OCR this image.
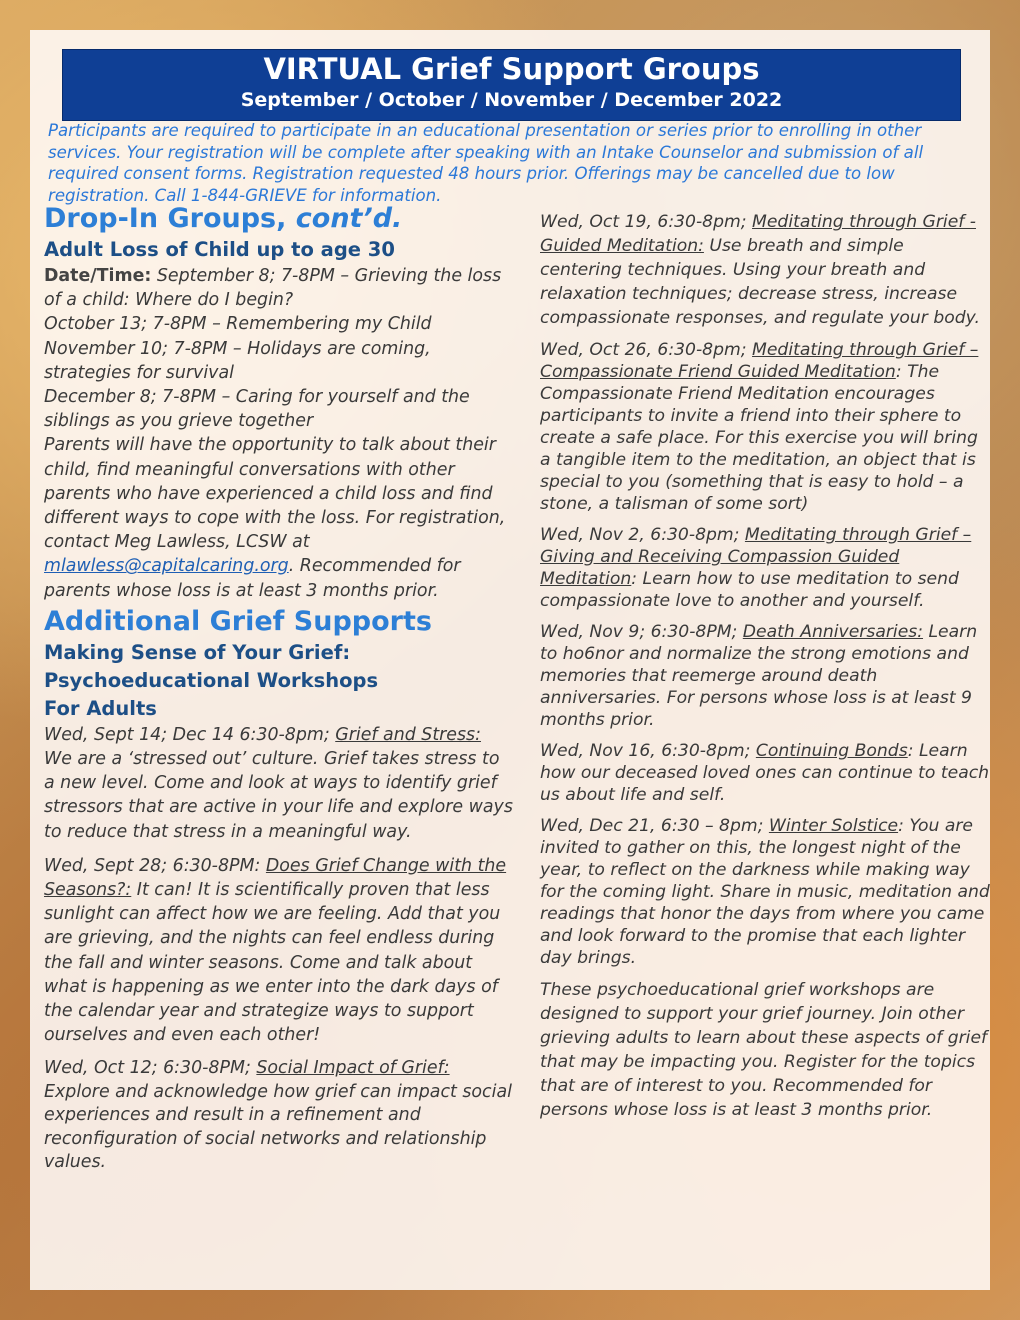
VIRTUAL Grief Support Groups
September / October / November / December 2022
Participants are required to participate in an educational presentation or series prior to enrolling in other services. Your registration will be complete after speaking with an Intake Counselor and submission of all required consent forms. Registration requested 48 hours prior. Offerings may be cancelled due to low registration. Call 1-844-GRIEVE for information.
Drop-In Groups, cont’d.
Adult Loss of Child up to age 30
Date/Time: September 8; 7-8PM – Grieving the loss of a child: Where do I begin?
October 13; 7-8PM – Remembering my Child
November 10; 7-8PM – Holidays are coming, strategies for survival
December 8; 7-8PM – Caring for yourself and the siblings as you grieve together
Parents will have the opportunity to talk about their child, find meaningful conversations with other parents who have experienced a child loss and find different ways to cope with the loss. For registration, contact Meg Lawless, LCSW at mlawless@capitalcaring.org. Recommended for parents whose loss is at least 3 months prior.
Additional Grief Supports
Making Sense of Your Grief:
Psychoeducational Workshops
For Adults
Wed, Sept 14; Dec 14 6:30-8pm; Grief and Stress: We are a ‘stressed out’ culture. Grief takes stress to a new level. Come and look at ways to identify grief stressors that are active in your life and explore ways to reduce that stress in a meaningful way.
Wed, Sept 28; 6:30-8PM: Does Grief Change with the Seasons?: It can! It is scientifically proven that less sunlight can affect how we are feeling. Add that you are grieving, and the nights can feel endless during the fall and winter seasons. Come and talk about what is happening as we enter into the dark days of the calendar year and strategize ways to support ourselves and even each other!
Wed, Oct 12; 6:30-8PM; Social Impact of Grief: Explore and acknowledge how grief can impact social experiences and result in a refinement and reconfiguration of social networks and relationship values.
Wed, Oct 19, 6:30-8pm; Meditating through Grief - Guided Meditation: Use breath and simple centering techniques. Using your breath and relaxation techniques; decrease stress, increase compassionate responses, and regulate your body.
Wed, Oct 26, 6:30-8pm; Meditating through Grief – Compassionate Friend Guided Meditation: The Compassionate Friend Meditation encourages participants to invite a friend into their sphere to create a safe place. For this exercise you will bring a tangible item to the meditation, an object that is special to you (something that is easy to hold – a stone, a talisman of some sort)
Wed, Nov 2, 6:30-8pm; Meditating through Grief – Giving and Receiving Compassion Guided Meditation: Learn how to use meditation to send compassionate love to another and yourself.
Wed, Nov 9; 6:30-8PM; Death Anniversaries: Learn to ho6nor and normalize the strong emotions and memories that reemerge around death anniversaries. For persons whose loss is at least 9 months prior.
Wed, Nov 16, 6:30-8pm; Continuing Bonds: Learn how our deceased loved ones can continue to teach us about life and self.
Wed, Dec 21, 6:30 – 8pm; Winter Solstice: You are invited to gather on this, the longest night of the year, to reflect on the darkness while making way for the coming light. Share in music, meditation and readings that honor the days from where you came and look forward to the promise that each lighter day brings.
These psychoeducational grief workshops are designed to support your grief journey. Join other grieving adults to learn about these aspects of grief that may be impacting you. Register for the topics that are of interest to you. Recommended for persons whose loss is at least 3 months prior.
